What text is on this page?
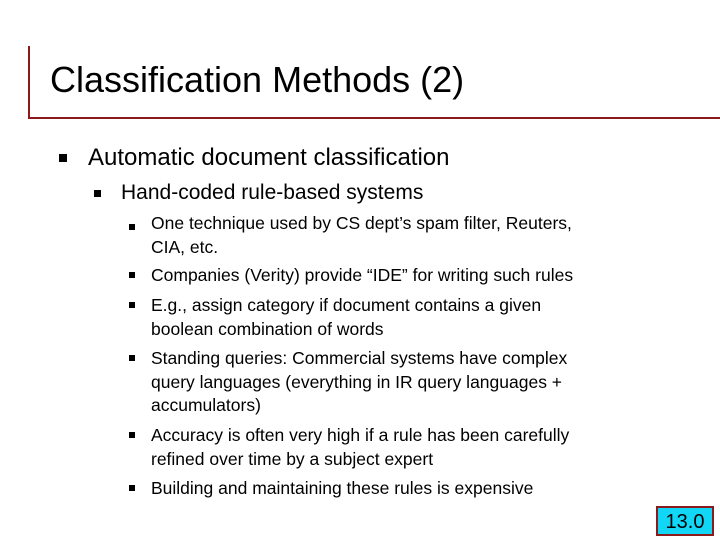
Classification Methods (2)
Automatic document classification
Hand-coded rule-based systems
One technique used by CS dept’s spam filter, Reuters,
CIA, etc.
Companies (Verity) provide “IDE” for writing such rules
E.g., assign category if document contains a given
boolean combination of words
Standing queries: Commercial systems have complex
query languages (everything in IR query languages +
accumulators)
Accuracy is often very high if a rule has been carefully
refined over time by a subject expert
Building and maintaining these rules is expensive
13.0
